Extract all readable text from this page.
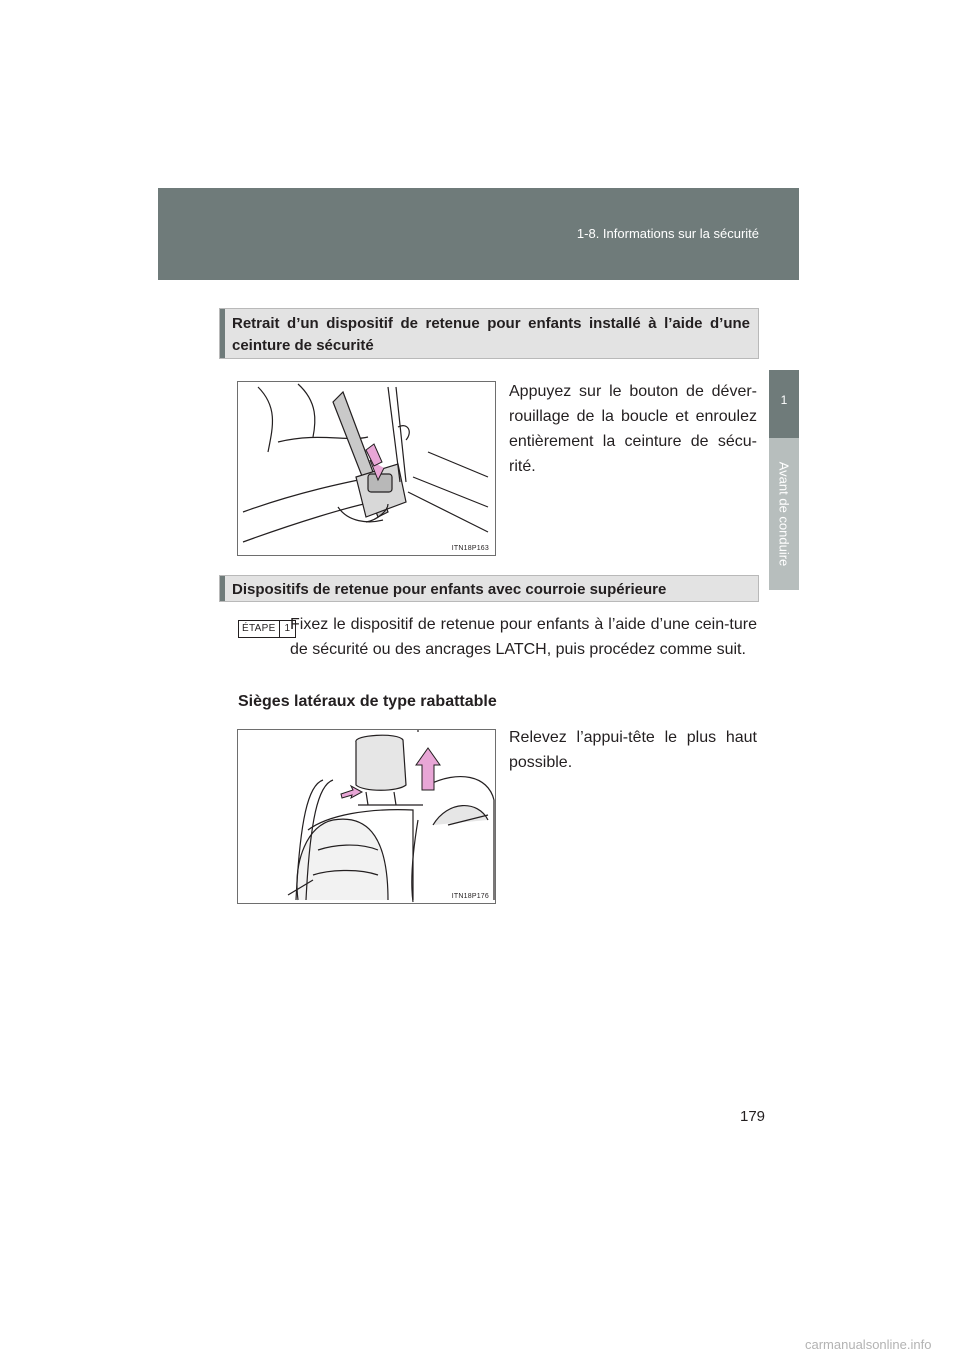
1-8. Informations sur la sécurité
1
Avant de conduire
Retrait d’un dispositif de retenue pour enfants installé à l’aide d’une ceinture de sécurité
ITN18P163

Appuyez sur le bouton de déver-rouillage de la boucle et enroulez entièrement la ceinture de sécu-rité.

Dispositifs de retenue pour enfants avec courroie supérieure
ÉTAPE 1 Fixez le dispositif de retenue pour enfants à l’aide d’une cein-ture de sécurité ou des ancrages LATCH, puis procédez comme suit.

Sièges latéraux de type rabattable

ITN18P176

Relevez l’appui-tête le plus haut possible.

179
carmanualsonline.info
